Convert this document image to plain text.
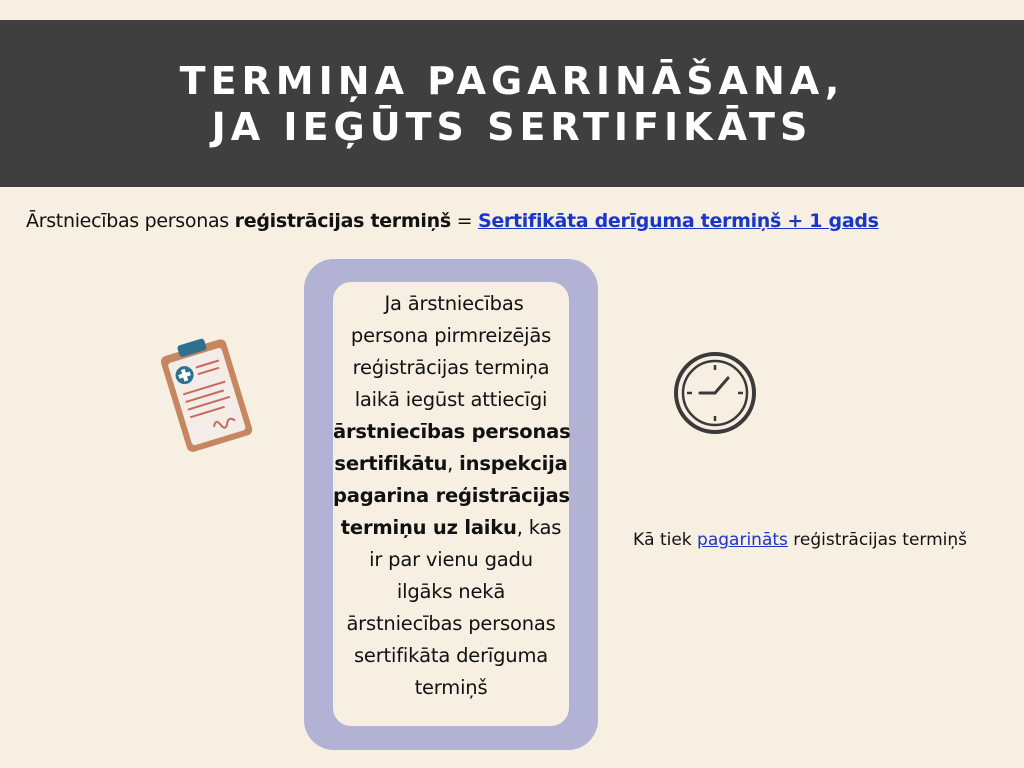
TERMIŅA PAGARINĀŠANA,
JA IEĢŪTS SERTIFIKĀTS
Ārstniecības personas reģistrācijas termiņš = Sertifikāta derīguma termiņš + 1 gads
Ja ārstniecības
persona pirmreizējās
reģistrācijas termiņa
laikā iegūst attiecīgi
ārstniecības personas
sertifikātu, inspekcija
pagarina reģistrācijas
termiņu uz laiku, kas
ir par vienu gadu
ilgāks nekā
ārstniecības personas
sertifikāta derīguma
termiņš
Kā tiek pagarināts reģistrācijas termiņš
